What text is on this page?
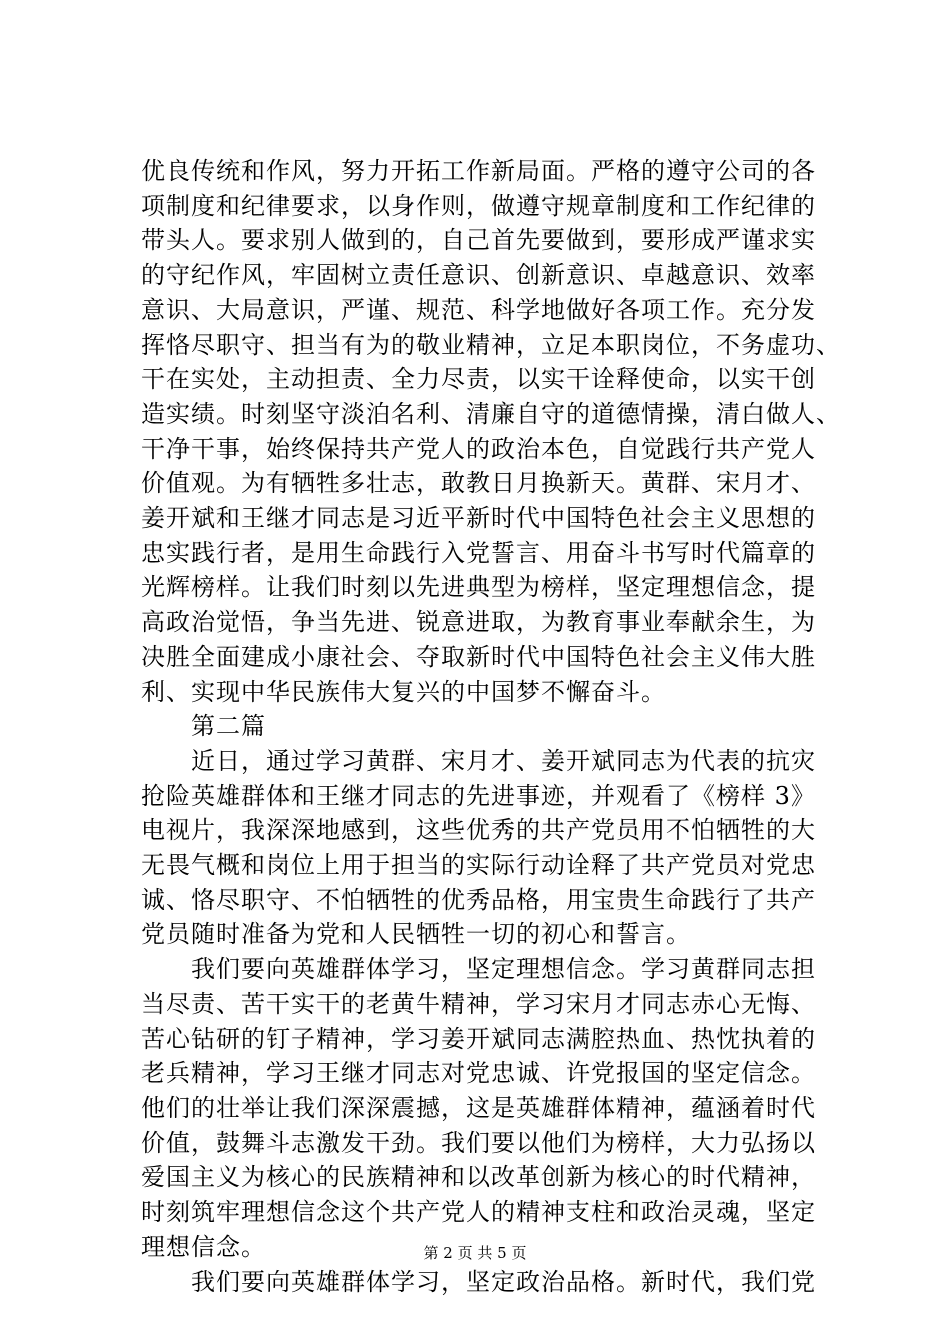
优良传统和作风，努力开拓工作新局面。严格的遵守公司的各
项制度和纪律要求，以身作则，做遵守规章制度和工作纪律的
带头人。要求别人做到的，自己首先要做到，要形成严谨求实
的守纪作风，牢固树立责任意识、创新意识、卓越意识、效率
意识、大局意识，严谨、规范、科学地做好各项工作。充分发
挥恪尽职守、担当有为的敬业精神，立足本职岗位，不务虚功、
干在实处，主动担责、全力尽责，以实干诠释使命，以实干创
造实绩。时刻坚守淡泊名利、清廉自守的道德情操，清白做人、
干净干事，始终保持共产党人的政治本色，自觉践行共产党人
价值观。为有牺牲多壮志，敢教日月换新天。黄群、宋月才、
姜开斌和王继才同志是习近平新时代中国特色社会主义思想的
忠实践行者，是用生命践行入党誓言、用奋斗书写时代篇章的
光辉榜样。让我们时刻以先进典型为榜样，坚定理想信念，提
高政治觉悟，争当先进、锐意进取，为教育事业奉献余生，为
决胜全面建成小康社会、夺取新时代中国特色社会主义伟大胜
利、实现中华民族伟大复兴的中国梦不懈奋斗。
　　第二篇
　　近日，通过学习黄群、宋月才、姜开斌同志为代表的抗灾
抢险英雄群体和王继才同志的先进事迹，并观看了《榜样 3》
电视片，我深深地感到，这些优秀的共产党员用不怕牺牲的大
无畏气概和岗位上用于担当的实际行动诠释了共产党员对党忠
诚、恪尽职守、不怕牺牲的优秀品格，用宝贵生命践行了共产
党员随时准备为党和人民牺牲一切的初心和誓言。
　　我们要向英雄群体学习，坚定理想信念。学习黄群同志担
当尽责、苦干实干的老黄牛精神，学习宋月才同志赤心无悔、
苦心钻研的钉子精神，学习姜开斌同志满腔热血、热忱执着的
老兵精神，学习王继才同志对党忠诚、许党报国的坚定信念。
他们的壮举让我们深深震撼，这是英雄群体精神，蕴涵着时代
价值，鼓舞斗志激发干劲。我们要以他们为榜样，大力弘扬以
爱国主义为核心的民族精神和以改革创新为核心的时代精神，
时刻筑牢理想信念这个共产党人的精神支柱和政治灵魂，坚定
理想信念。
　　我们要向英雄群体学习，坚定政治品格。新时代，我们党
第 2 页 共 5 页
